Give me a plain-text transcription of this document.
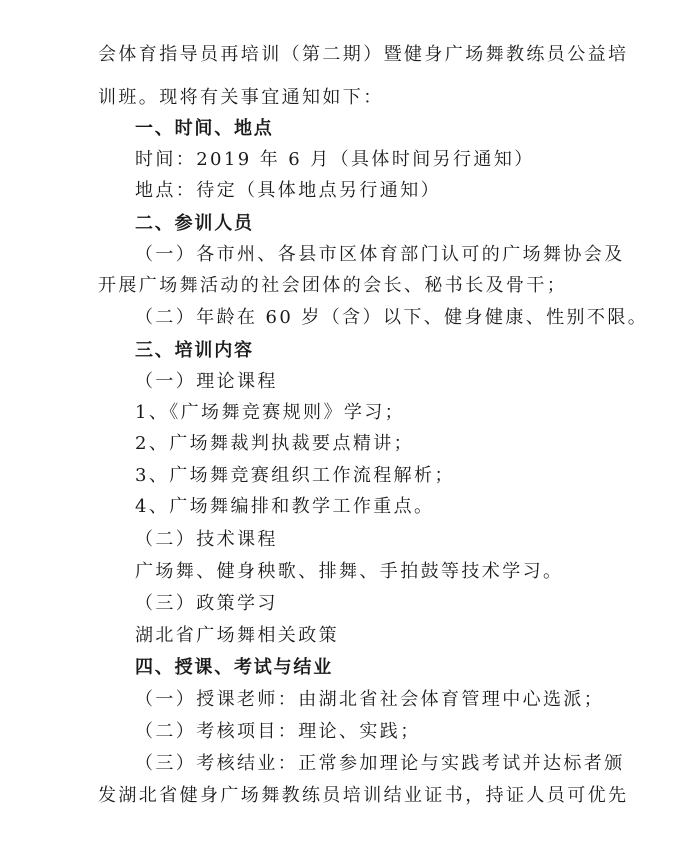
会体育指导员再培训（第二期）暨健身广场舞教练员公益培
训班。现将有关事宜通知如下：
一、时间、地点
时间：2019 年 6 月（具体时间另行通知）
地点：待定（具体地点另行通知）
二、参训人员
（一）各市州、各县市区体育部门认可的广场舞协会及
开展广场舞活动的社会团体的会长、秘书长及骨干；
（二）年龄在 60 岁（含）以下、健身健康、性别不限。
三、培训内容
（一）理论课程
1、《广场舞竞赛规则》学习；
2、广场舞裁判执裁要点精讲；
3、广场舞竞赛组织工作流程解析；
4、广场舞编排和教学工作重点。
（二）技术课程
广场舞、健身秧歌、排舞、手拍鼓等技术学习。
（三）政策学习
湖北省广场舞相关政策
四、授课、考试与结业
（一）授课老师：由湖北省社会体育管理中心选派；
（二）考核项目：理论、实践；
（三）考核结业：正常参加理论与实践考试并达标者颁
发湖北省健身广场舞教练员培训结业证书，持证人员可优先
